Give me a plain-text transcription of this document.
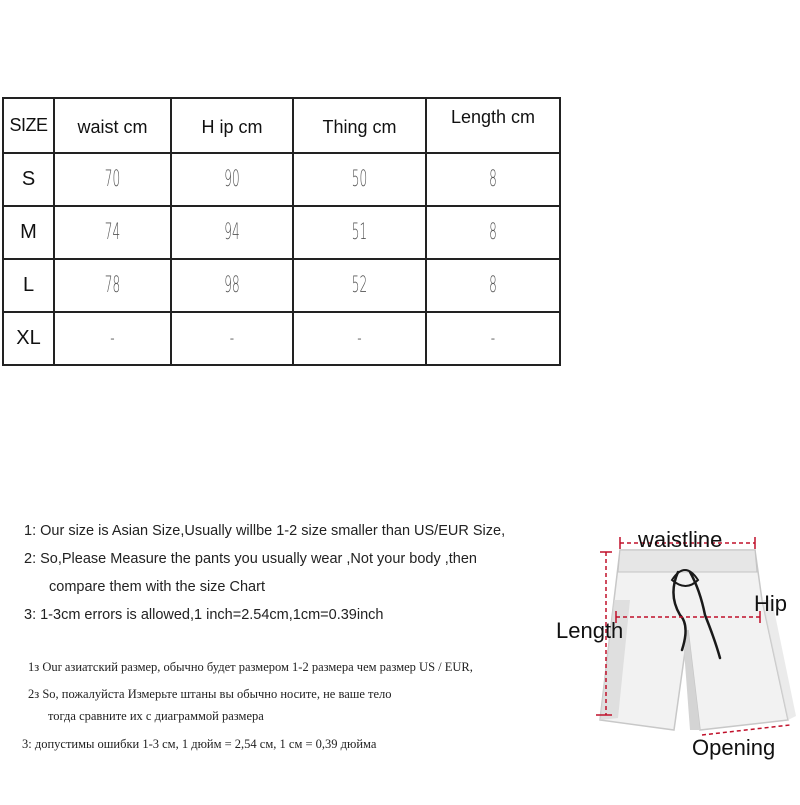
SIZE	waist cm	H ip cm	Thing cm	Length cm
S	70	90	50	8
M	74	94	51	8
L	78	98	52	8
XL	-	-	-	-
1: Our size is Asian Size,Usually willbe 1-2 size smaller than US/EUR Size,
2: So,Please Measure the pants you usually wear ,Not your body ,then
compare them with the size Chart
3: 1-3cm errors is allowed,1 inch=2.54cm,1cm=0.39inch
1з Our азиатский размер, обычно будет размером 1-2 размера чем размер US / EUR,
2з So, пожалуйста Измерьте штаны вы обычно носите, не ваше тело
тогда сравните их с диаграммой размера
3: допустимы ошибки 1-3 см, 1 дюйм = 2,54 см, 1 см = 0,39 дюйма
waistline
Hip
Length
Opening
